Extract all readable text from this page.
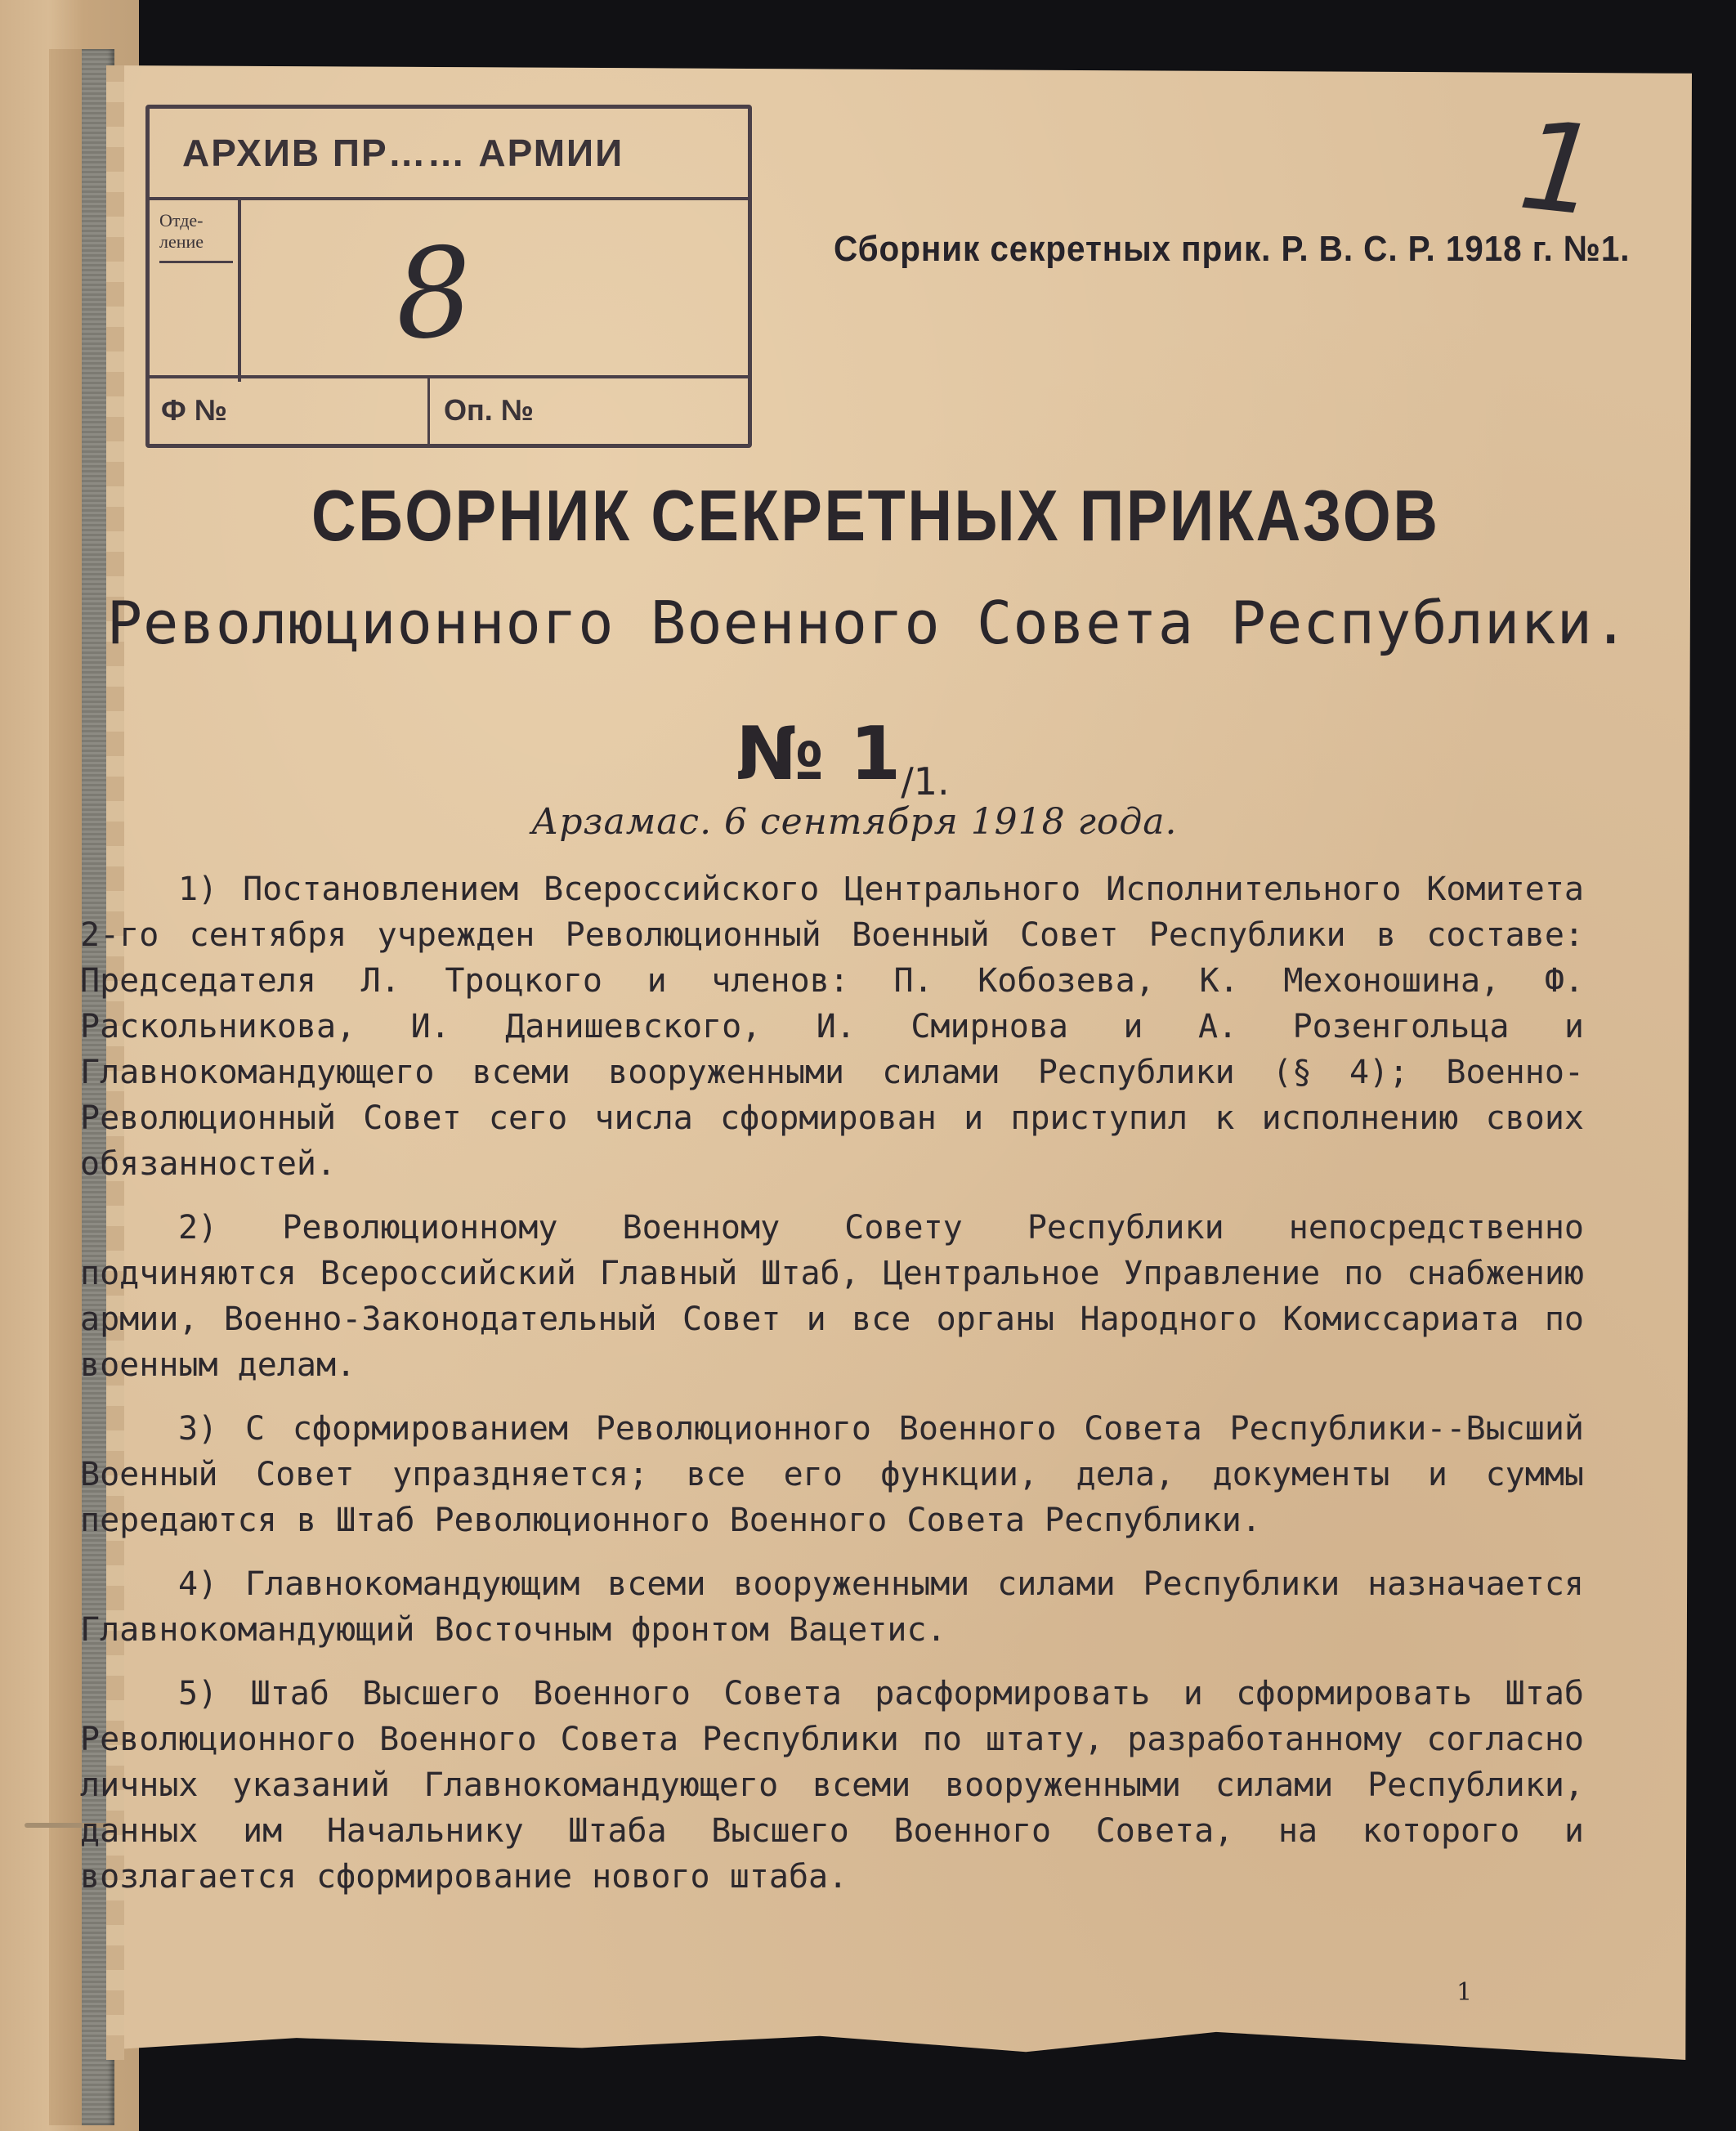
АРХИВ ПР…… АРМИИ
Отде-ление 8
Ф №	Оп. №
1
Сборник секретных прик. Р. В. С. Р. 1918 г. №1.
СБОРНИК СЕКРЕТНЫХ ПРИКАЗОВ
Революционного Военного Совета Республики.
№ $1_{/1.}$
Арзамас. 6 сентября 1918 года.

1) Постановлением Всероссийского Центрального Исполнительного Комитета 2-го сентября учрежден Революционный Военный Совет Республики в составе: Председателя Л. Троцкого и членов: П. Кобозева, К. Мехоношина, Ф. Раскольникова, И. Данишевского, И. Смирнова и А. Розенгольца и Главнокомандующего всеми вооруженными силами Республики (§ 4); Военно-Революционный Совет сего числа сформирован и приступил к исполнению своих обязанностей.

2) Революционному Военному Совету Республики непосредственно подчиняются Всероссийский Главный Штаб, Центральное Управление по снабжению армии, Военно-Законодательный Совет и все органы Народного Комиссариата по военным делам.

3) С сформированием Революционного Военного Совета Республики--Высший Военный Совет упраздняется; все его функции, дела, документы и суммы передаются в Штаб Революционного Военного Совета Республики.

4) Главнокомандующим всеми вооруженными силами Республики назначается Главнокомандующий Восточным фронтом Вацетис.

5) Штаб Высшего Военного Совета расформировать и сформировать Штаб Революционного Военного Совета Республики по штату, разработанному согласно личных указаний Главнокомандующего всеми вооруженными силами Республики, данных им Начальнику Штаба Высшего Военного Совета, на которого и возлагается сформирование нового штаба.

1
